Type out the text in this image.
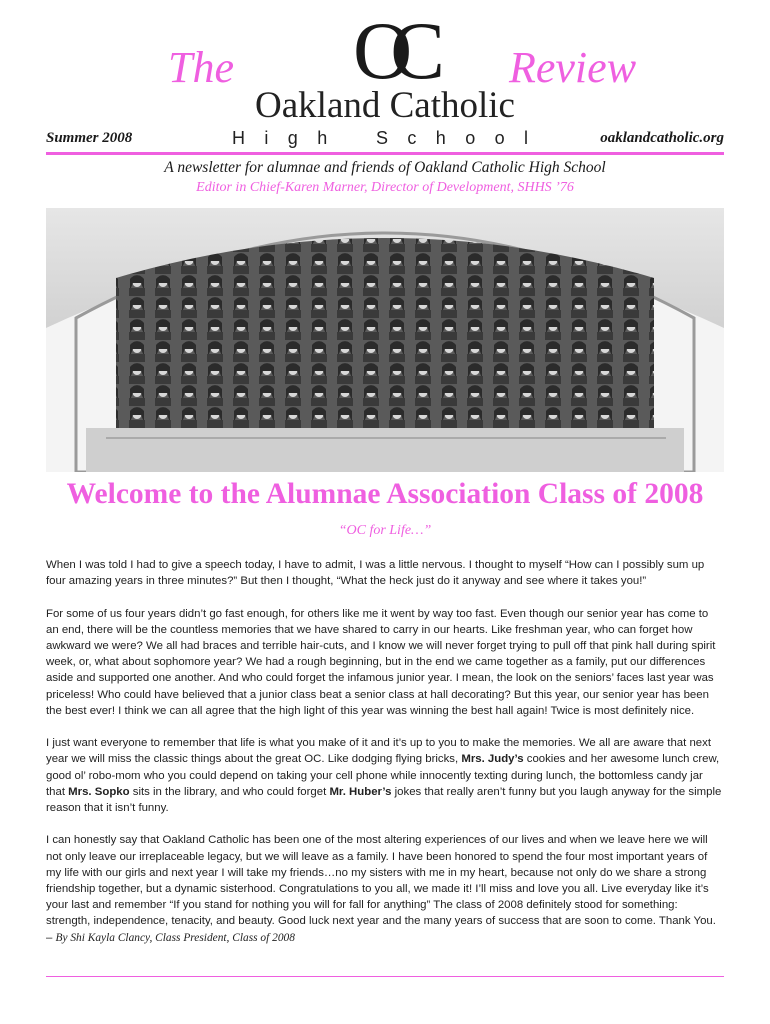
The OC	Review
Oakland Catholic
H i g h	S c h o o l
Summer 2008	oaklandcatholic.org
A newsletter for alumnae and friends of Oakland Catholic High School
Editor in Chief-Karen Marner, Director of Development, SHHS ’76
Welcome to the Alumnae Association Class of 2008
“OC for Life…”

When I was told I had to give a speech today, I have to admit, I was a little nervous. I thought to myself “How can I possibly sum up four amazing years in three minutes?” But then I thought, “What the heck just do it anyway and see where it takes you!”

For some of us four years didn’t go fast enough, for others like me it went by way too fast. Even though our senior year has come to an end, there will be the countless memories that we have shared to carry in our hearts. Like freshman year, who can forget how awkward we were? We all had braces and terrible hair-cuts, and I know we will never forget trying to pull off that pink hall during spirit week, or, what about sophomore year? We had a rough beginning, but in the end we came together as a family, put our differences aside and supported one another. And who could forget the infamous junior year. I mean, the look on the seniors’ faces last year was priceless! Who could have believed that a junior class beat a senior class at hall decorating? But this year, our senior year has been the best ever! I think we can all agree that the high light of this year was winning the best hall again! Twice is most definitely nice.

I just want everyone to remember that life is what you make of it and it’s up to you to make the memories. We all are aware that next year we will miss the classic things about the great OC. Like dodging flying bricks, Mrs. Judy’s cookies and her awesome lunch crew, good ol’ robo-mom who you could depend on taking your cell phone while innocently texting during lunch, the bottomless candy jar that Mrs. Sopko sits in the library, and who could forget Mr. Huber’s jokes that really aren’t funny but you laugh anyway for the simple reason that it isn’t funny.

I can honestly say that Oakland Catholic has been one of the most altering experiences of our lives and when we leave here we will not only leave our irreplaceable legacy, but we will leave as a family. I have been honored to spend the four most important years of my life with our girls and next year I will take my friends…no my sisters with me in my heart, because not only do we share a strong friendship together, but a dynamic sisterhood. Congratulations to you all, we made it! I’ll miss and love you all. Live everyday like it’s your last and remember “If you stand for nothing you will for fall for anything” The class of 2008 definitely stood for something: strength, independence, tenacity, and beauty. Good luck next year and the many years of success that are soon to come. Thank You. – By Shi Kayla Clancy, Class President, Class of 2008
